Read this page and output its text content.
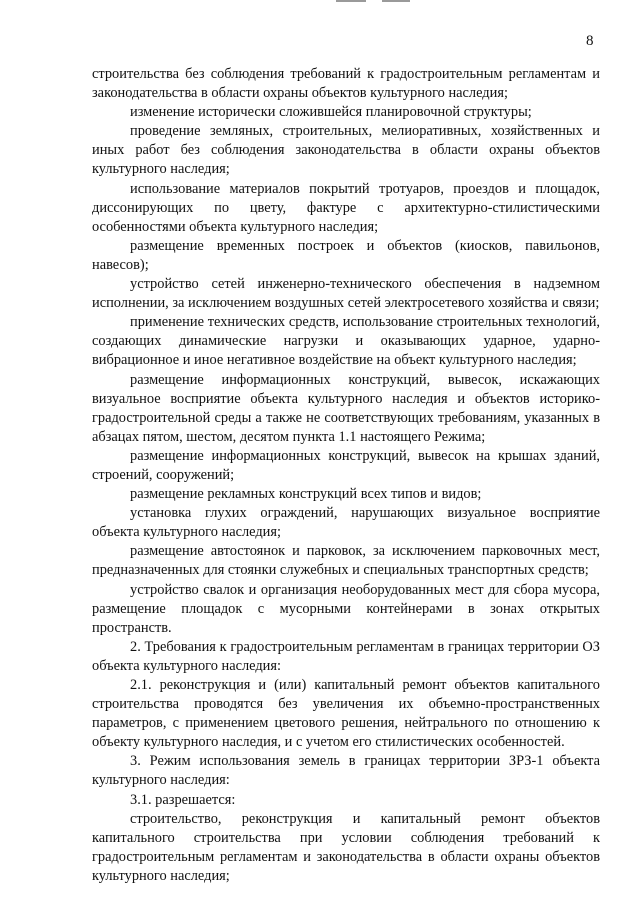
8

строительства без соблюдения требований к градостроительным регламентам и законодательства в области охраны объектов культурного наследия;

изменение исторически сложившейся планировочной структуры;

проведение земляных, строительных, мелиоративных, хозяйственных и иных работ без соблюдения законодательства в области охраны объектов культурного наследия;

использование материалов покрытий тротуаров, проездов и площадок, диссонирующих по цвету, фактуре с архитектурно-стилистическими особенностями объекта культурного наследия;

размещение временных построек и объектов (киосков, павильонов, навесов);

устройство сетей инженерно-технического обеспечения в надземном исполнении, за исключением воздушных сетей электросетевого хозяйства и связи;

применение технических средств, использование строительных технологий, создающих динамические нагрузки и оказывающих ударное, ударно-вибрационное и иное негативное воздействие на объект культурного наследия;

размещение информационных конструкций, вывесок, искажающих визуальное восприятие объекта культурного наследия и объектов историко-градостроительной среды а также не соответствующих требованиям, указанных в абзацах пятом, шестом, десятом пункта 1.1 настоящего Режима;

размещение информационных конструкций, вывесок на крышах зданий, строений, сооружений;

размещение рекламных конструкций всех типов и видов;

установка глухих ограждений, нарушающих визуальное восприятие объекта культурного наследия;

размещение автостоянок и парковок, за исключением парковочных мест, предназначенных для стоянки служебных и специальных транспортных средств;

устройство свалок и организация необорудованных мест для сбора мусора, размещение площадок с мусорными контейнерами в зонах открытых пространств.

2. Требования к градостроительным регламентам в границах территории ОЗ объекта культурного наследия:

2.1. реконструкция и (или) капитальный ремонт объектов капитального строительства проводятся без увеличения их объемно-пространственных параметров, с применением цветового решения, нейтрального по отношению к объекту культурного наследия, и с учетом его стилистических особенностей.

3. Режим использования земель в границах территории ЗРЗ-1 объекта культурного наследия:

3.1. разрешается:

строительство, реконструкция и капитальный ремонт объектов капитального строительства при условии соблюдения требований к градостроительным регламентам и законодательства в области охраны объектов культурного наследия;
